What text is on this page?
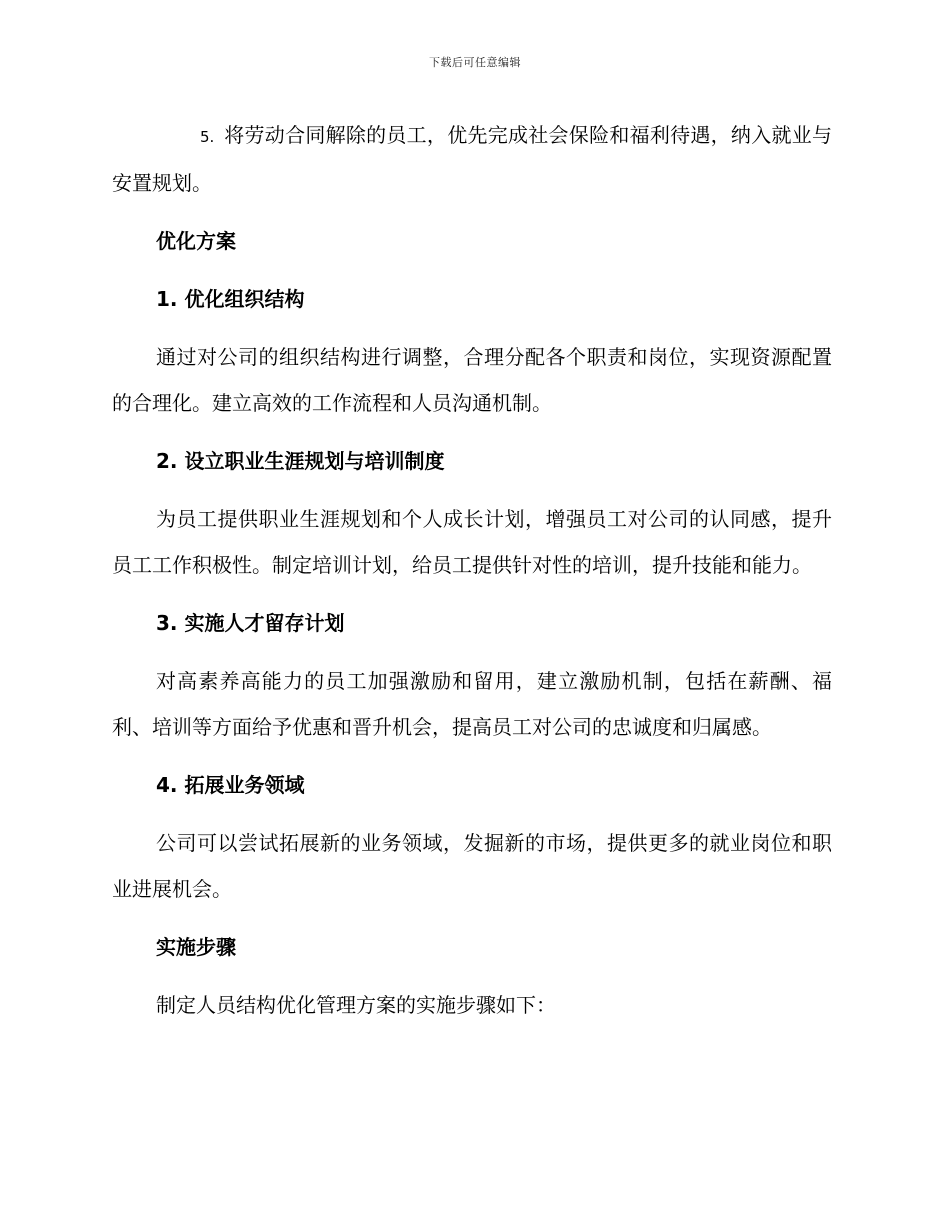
下载后可任意编辑

5. 将劳动合同解除的员工，优先完成社会保险和福利待遇，纳入就业与安置规划。

优化方案
1. 优化组织结构

通过对公司的组织结构进行调整，合理分配各个职责和岗位，实现资源配置的合理化。建立高效的工作流程和人员沟通机制。

2. 设立职业生涯规划与培训制度

为员工提供职业生涯规划和个人成长计划，增强员工对公司的认同感，提升员工工作积极性。制定培训计划，给员工提供针对性的培训，提升技能和能力。

3. 实施人才留存计划

对高素养高能力的员工加强激励和留用，建立激励机制，包括在薪酬、福利、培训等方面给予优惠和晋升机会，提高员工对公司的忠诚度和归属感。

4. 拓展业务领域

公司可以尝试拓展新的业务领域，发掘新的市场，提供更多的就业岗位和职业进展机会。

实施步骤

制定人员结构优化管理方案的实施步骤如下：
